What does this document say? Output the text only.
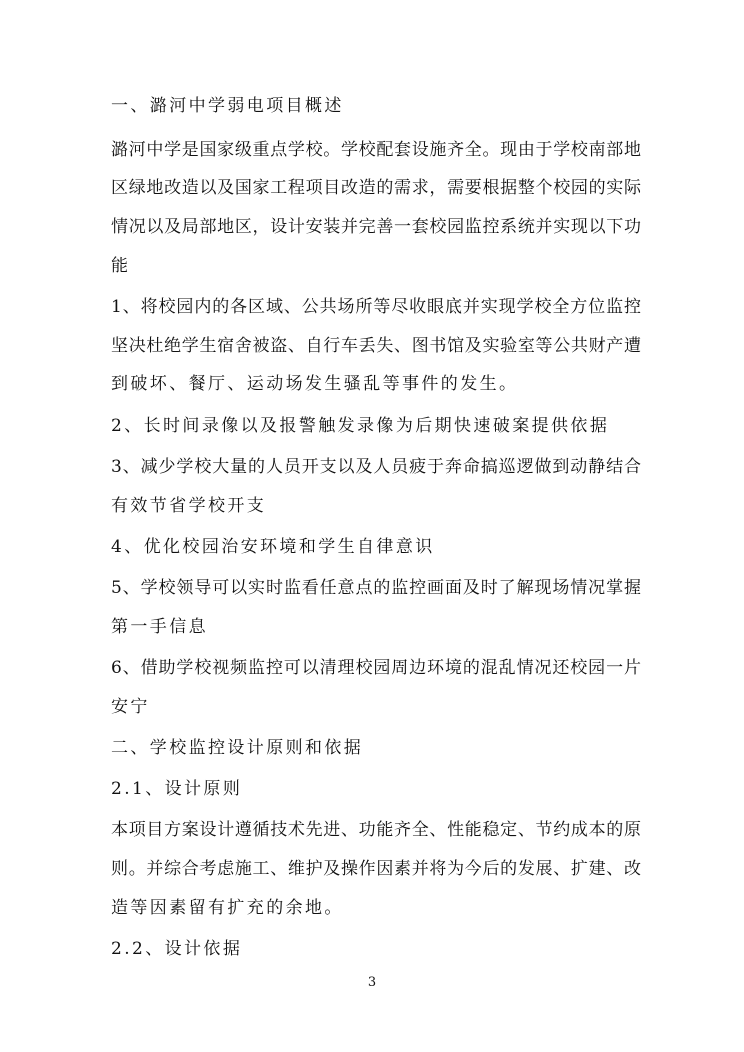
一、潞河中学弱电项目概述
潞河中学是国家级重点学校。学校配套设施齐全。现由于学校南部地
区绿地改造以及国家工程项目改造的需求，需要根据整个校园的实际
情况以及局部地区，设计安装并完善一套校园监控系统并实现以下功
能
1、将校园内的各区域、公共场所等尽收眼底并实现学校全方位监控
坚决杜绝学生宿舍被盗、自行车丢失、图书馆及实验室等公共财产遭
到破坏、餐厅、运动场发生骚乱等事件的发生。
2、长时间录像以及报警触发录像为后期快速破案提供依据
3、减少学校大量的人员开支以及人员疲于奔命搞巡逻做到动静结合
有效节省学校开支
4、优化校园治安环境和学生自律意识
5、学校领导可以实时监看任意点的监控画面及时了解现场情况掌握
第一手信息
6、借助学校视频监控可以清理校园周边环境的混乱情况还校园一片
安宁
二、学校监控设计原则和依据
2.1、设计原则
本项目方案设计遵循技术先进、功能齐全、性能稳定、节约成本的原
则。并综合考虑施工、维护及操作因素并将为今后的发展、扩建、改
造等因素留有扩充的余地。
2.2、设计依据
3
